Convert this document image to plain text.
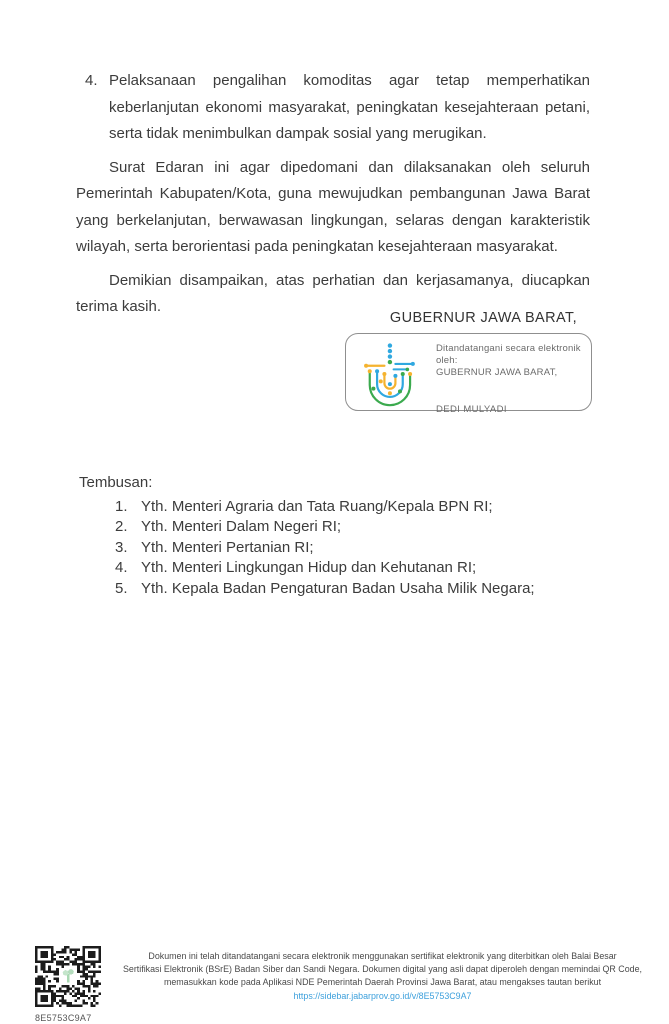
4. Pelaksanaan pengalihan komoditas agar tetap memperhatikan keberlanjutan ekonomi masyarakat, peningkatan kesejahteraan petani, serta tidak menimbulkan dampak sosial yang merugikan.

Surat Edaran ini agar dipedomani dan dilaksanakan oleh seluruh Pemerintah Kabupaten/Kota, guna mewujudkan pembangunan Jawa Barat yang berkelanjutan, berwawasan lingkungan, selaras dengan karakteristik wilayah, serta berorientasi pada peningkatan kesejahteraan masyarakat.

Demikian disampaikan, atas perhatian dan kerjasamanya, diucapkan terima kasih.

GUBERNUR JAWA BARAT,
Ditandatangani secara elektronik oleh:
GUBERNUR JAWA BARAT,
DEDI MULYADI
Tembusan:
1. Yth. Menteri Agraria dan Tata Ruang/Kepala BPN RI;
2. Yth. Menteri Dalam Negeri RI;
3. Yth. Menteri Pertanian RI;
4. Yth. Menteri Lingkungan Hidup dan Kehutanan RI;
5. Yth. Kepala Badan Pengaturan Badan Usaha Milik Negara;
8E5753C9A7
Dokumen ini telah ditandatangani secara elektronik menggunakan sertifikat elektronik yang diterbitkan oleh Balai Besar
Sertifikasi Elektronik (BSrE) Badan Siber dan Sandi Negara. Dokumen digital yang asli dapat diperoleh dengan memindai QR Code,
memasukkan kode pada Aplikasi NDE Pemerintah Daerah Provinsi Jawa Barat, atau mengakses tautan berikut
https://sidebar.jabarprov.go.id/v/8E5753C9A7
